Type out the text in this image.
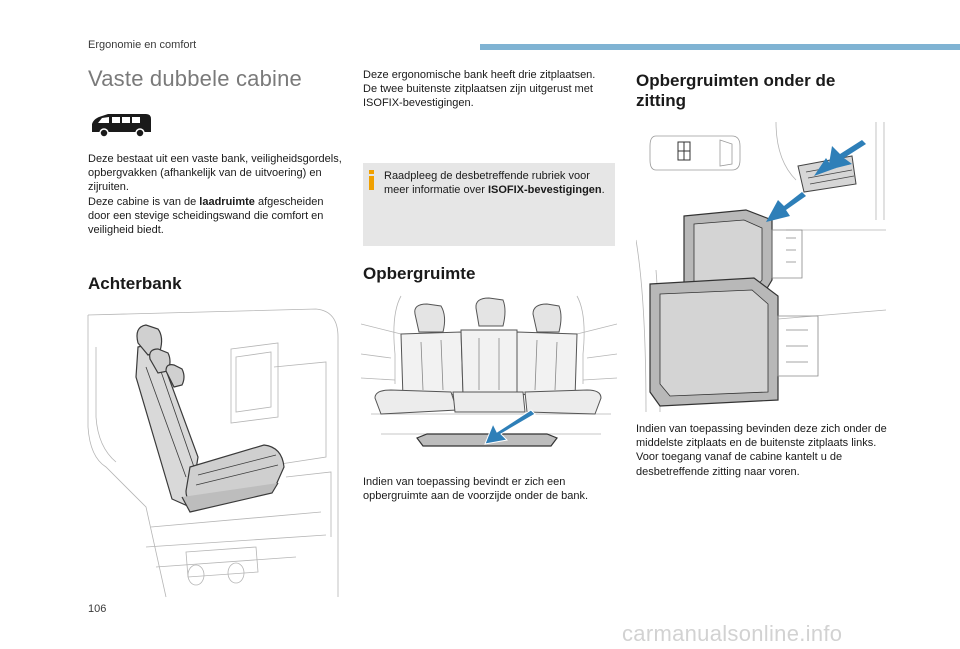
Ergonomie en comfort
Vaste dubbele cabine
Deze bestaat uit een vaste bank, veiligheidsgordels, opbergvakken (afhankelijk van de uitvoering) en zijruiten.
Deze cabine is van de laadruimte afgescheiden door een stevige scheidingswand die comfort en veiligheid biedt.
Achterbank
Deze ergonomische bank heeft drie zitplaatsen.
De twee buitenste zitplaatsen zijn uitgerust met ISOFIX-bevestigingen.
Raadpleeg de desbetreffende rubriek voor meer informatie over ISOFIX-bevestigingen.
Opbergruimte
Indien van toepassing bevindt er zich een opbergruimte aan de voorzijde onder de bank.
Opbergruimten onder de
zitting
Indien van toepassing bevinden deze zich onder de middelste zitplaats en de buitenste zitplaats links.
Voor toegang vanaf de cabine kantelt u de desbetreffende zitting naar voren.
106
carmanualsonline.info
